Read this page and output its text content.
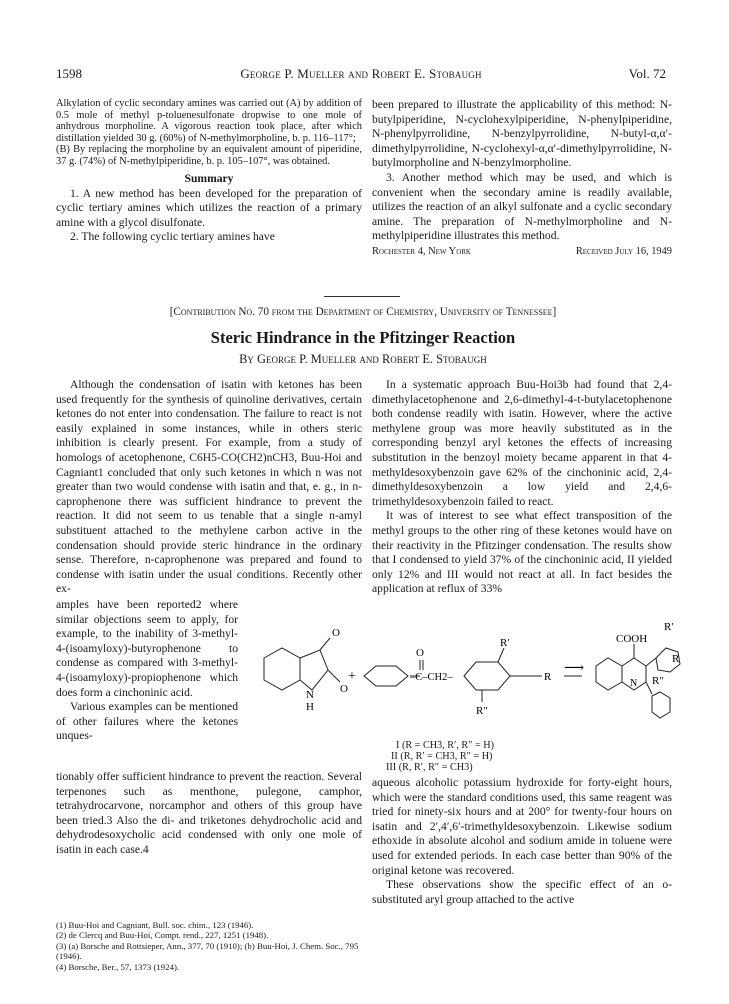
1598	George P. Mueller and Robert E. Stobaugh	Vol. 72

Alkylation of cyclic secondary amines was carried out (A) by addition of 0.5 mole of methyl p-toluenesulfonate dropwise to one mole of anhydrous morpholine. A vigorous reaction took place, after which distillation yielded 30 g. (60%) of N-methylmorpholine, b. p. 116–117°;

(B) By replacing the morpholine by an equivalent amount of piperidine, 37 g. (74%) of N-methylpiperidine, b. p. 105–107°, was obtained.

Summary

1. A new method has been developed for the preparation of cyclic tertiary amines which utilizes the reaction of a primary amine with a glycol disulfonate.

2. The following cyclic tertiary amines have

been prepared to illustrate the applicability of this method: N-butylpiperidine, N-cyclohexylpiperidine, N-phenylpiperidine, N-phenylpyrrolidine, N-benzylpyrrolidine, N-butyl-α,α′-dimethylpyrrolidine, N-cyclohexyl-α,α′-dimethylpyrrolidine, N-butylmorpholine and N-benzylmorpholine.

3. Another method which may be used, and which is convenient when the secondary amine is readily available, utilizes the reaction of an alkyl sulfonate and a cyclic secondary amine. The preparation of N-methylmorpholine and N-methylpiperidine illustrates this method.

Rochester 4, New York	Received July 16, 1949
[Contribution No. 70 from the Department of Chemistry, University of Tennessee]
Steric Hindrance in the Pfitzinger Reaction
By George P. Mueller and Robert E. Stobaugh

Although the condensation of isatin with ketones has been used frequently for the synthesis of quinoline derivatives, certain ketones do not enter into condensation. The failure to react is not easily explained in some instances, while in others steric inhibition is clearly present. For example, from a study of homologs of acetophenone, C6H5-CO(CH2)nCH3, Buu-Hoi and Cagniant1 concluded that only such ketones in which n was not greater than two would condense with isatin and that, e. g., in n-caprophenone there was sufficient hindrance to prevent the reaction. It did not seem to us tenable that a single n-amyl substituent attached to the methylene carbon active in the condensation should provide steric hindrance in the ordinary sense. Therefore, n-caprophenone was prepared and found to condense with isatin under the usual conditions. Recently other ex-

amples have been reported2 where similar objections seem to apply, for example, to the inability of 3-methyl-4-(isoamyloxy)-butyrophenone to condense as compared with 3-methyl-4-(isoamyloxy)-propiophenone which does form a cinchoninic acid.

Various examples can be mentioned of other failures where the ketones unques-

tionably offer sufficient hindrance to prevent the reaction. Several terpenones such as menthone, pulegone, camphor, tetrahydrocarvone, norcamphor and others of this group have been tried.3 Also the di- and triketones dehydrocholic acid and dehydrodesoxycholic acid condensed with only one mole of isatin in each case.4

(1) Buu-Hoi and Cagniant, Bull. soc. chim., 123 (1946).

(2) de Clercq and Buu-Hoi, Compt. rend., 227, 1251 (1948).

(3) (a) Borsche and Rottsieper, Ann., 377, 70 (1910); (b) Buu-Hoi, J. Chem. Soc., 795 (1946).

(4) Borsche, Ber., 57, 1373 (1924).

In a systematic approach Buu-Hoi3b had found that 2,4-dimethylacetophenone and 2,6-dimethyl-4-t-butylacetophenone both condense readily with isatin. However, where the active methylene group was more heavily substituted as in the corresponding benzyl aryl ketones the effects of increasing substitution in the benzoyl moiety became apparent in that 4-methyldesoxybenzoin gave 62% of the cinchoninic acid, 2,4-dimethyldesoxybenzoin a low yield and 2,4,6-trimethyldesoxybenzoin failed to react.

It was of interest to see what effect transposition of the methyl groups to the other ring of these ketones would have on their reactivity in the Pfitzinger condensation. The results show that I condensed to yield 37% of the cinchoninic acid, II yielded only 12% and III would not react at all. In fact besides the application at reflux of 33%

O
O
N
H
+
O
–C–CH2–
R′
R
R″
⟶
R′
COOH
R
R″
N
I (R = CH3, R′, R″ = H)
II (R, R′ = CH3, R″ = H)
III (R, R′, R″ = CH3)

aqueous alcoholic potassium hydroxide for forty-eight hours, which were the standard conditions used, this same reagent was tried for ninety-six hours and at 200° for twenty-four hours on isatin and 2′,4′,6′-trimethyldesoxybenzoin. Likewise sodium ethoxide in absolute alcohol and sodium amide in toluene were used for extended periods. In each case better than 90% of the original ketone was recovered.

These observations show the specific effect of an o-substituted aryl group attached to the active
